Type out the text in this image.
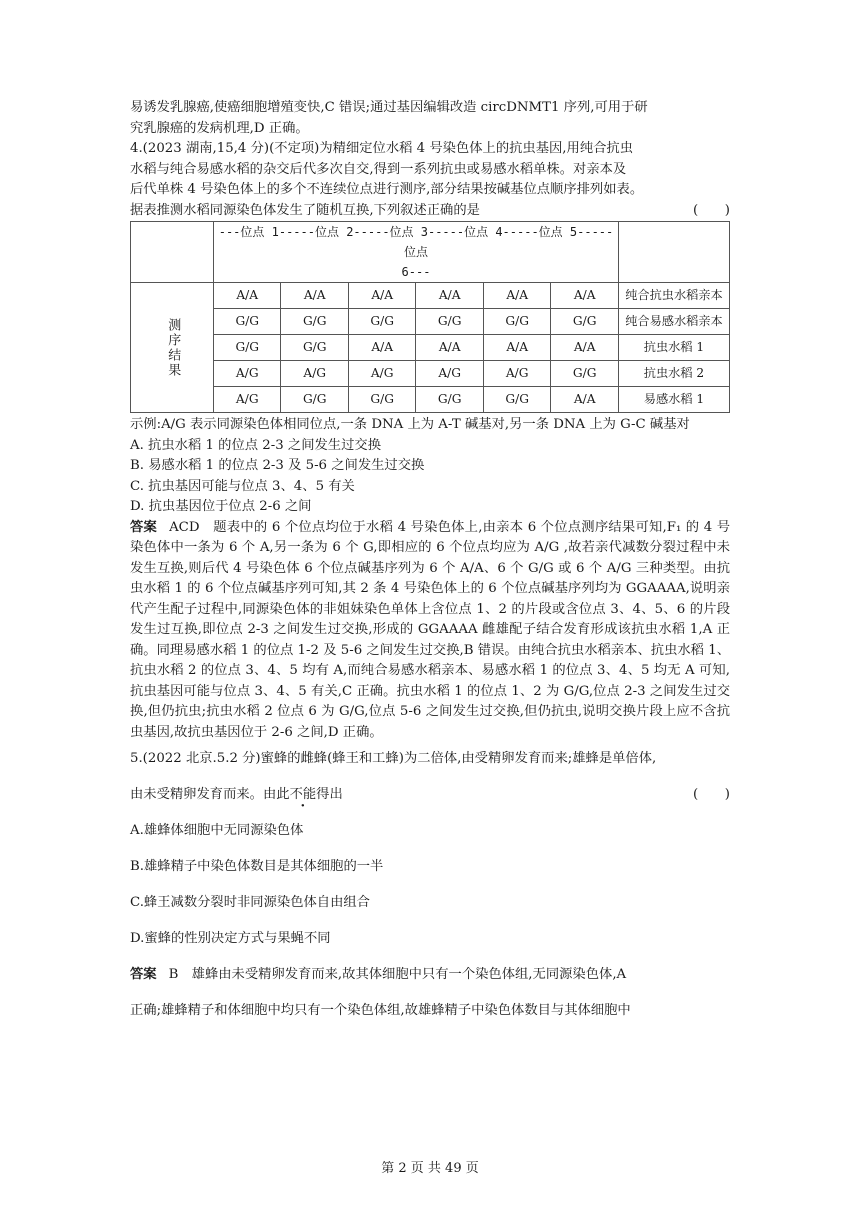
易诱发乳腺癌,使癌细胞增殖变快,C 错误;通过基因编辑改造 circDNMT1 序列,可用于研

究乳腺癌的发病机理,D 正确。

4.(2023 湖南,15,4 分)(不定项)为精细定位水稻 4 号染色体上的抗虫基因,用纯合抗虫

水稻与纯合易感水稻的杂交后代多次自交,得到一系列抗虫或易感水稻单株。对亲本及

后代单株 4 号染色体上的多个不连续位点进行测序,部分结果按碱基位点顺序排列如表。

据表推测水稻同源染色体发生了随机互换,下列叙述正确的是	(　　)

	---位点 1-----位点 2-----位点 3-----位点 4-----位点 5-----位点
6---						

测序结果	A/A	A/A	A/A	A/A	A/A	A/A	纯合抗虫水稻亲本
	G/G	G/G	G/G	G/G	G/G	G/G	纯合易感水稻亲本
	G/G	G/G	A/A	A/A	A/A	A/A	抗虫水稻 1
	A/G	A/G	A/G	A/G	A/G	G/G	抗虫水稻 2
	A/G	G/G	G/G	G/G	G/G	A/A	易感水稻 1

示例:A/G 表示同源染色体相同位点,一条 DNA 上为 A-T 碱基对,另一条 DNA 上为 G-C 碱基对

A. 抗虫水稻 1 的位点 2-3 之间发生过交换

B. 易感水稻 1 的位点 2-3 及 5-6 之间发生过交换

C. 抗虫基因可能与位点 3、4、5 有关

D. 抗虫基因位于位点 2-6 之间

答案 ACD　题表中的 6 个位点均位于水稻 4 号染色体上,由亲本 6 个位点测序结果可知,F₁ 的 4 号染色体中一条为 6 个 A,另一条为 6 个 G,即相应的 6 个位点均应为 A/G ,故若亲代减数分裂过程中未发生互换,则后代 4 号染色体 6 个位点碱基序列为 6 个 A/A、6 个 G/G 或 6 个 A/G 三种类型。由抗虫水稻 1 的 6 个位点碱基序列可知,其 2 条 4 号染色体上的 6 个位点碱基序列均为 GGAAAA,说明亲代产生配子过程中,同源染色体的非姐妹染色单体上含位点 1、2 的片段或含位点 3、4、5、6 的片段发生过互换,即位点 2-3 之间发生过交换,形成的 GGAAAA 雌雄配子结合发育形成该抗虫水稻 1,A 正确。同理易感水稻 1 的位点 1-2 及 5-6 之间发生过交换,B 错误。由纯合抗虫水稻亲本、抗虫水稻 1、抗虫水稻 2 的位点 3、4、5 均有 A,而纯合易感水稻亲本、易感水稻 1 的位点 3、4、5 均无 A 可知,抗虫基因可能与位点 3、4、5 有关,C 正确。抗虫水稻 1 的位点 1、2 为 G/G,位点 2-3 之间发生过交换,但仍抗虫;抗虫水稻 2 位点 6 为 G/G,位点 5-6 之间发生过交换,但仍抗虫,说明交换片段上应不含抗虫基因,故抗虫基因位于 2-6 之间,D 正确。

5.(2022 北京.5.2 分)蜜蜂的雌蜂(蜂王和工蜂)为二倍体,由受精卵发育而来;雄蜂是单倍体,
由未受精卵发育而来。由此不能得出	(　　)
A.雄蜂体细胞中无同源染色体
B.雄蜂精子中染色体数目是其体细胞的一半
C.蜂王减数分裂时非同源染色体自由组合
D.蜜蜂的性别决定方式与果蝇不同
答案 B　雄蜂由未受精卵发育而来,故其体细胞中只有一个染色体组,无同源染色体,A
正确;雄蜂精子和体细胞中均只有一个染色体组,故雄蜂精子中染色体数目与其体细胞中
第 2 页 共 49 页
